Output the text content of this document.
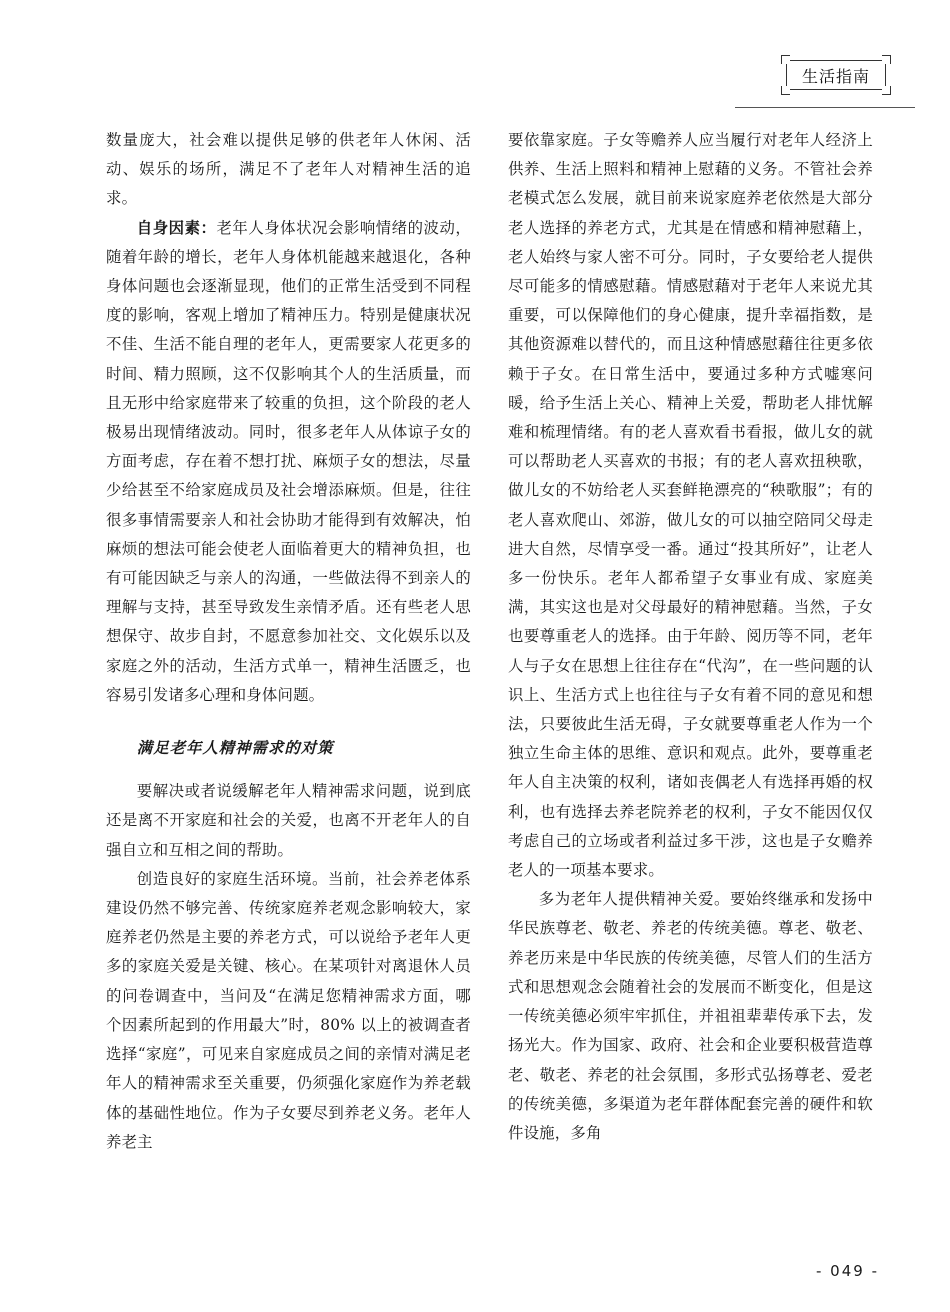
生活指南

数量庞大，社会难以提供足够的供老年人休闲、活动、娱乐的场所，满足不了老年人对精神生活的追求。

自身因素：老年人身体状况会影响情绪的波动，随着年龄的增长，老年人身体机能越来越退化，各种身体问题也会逐渐显现，他们的正常生活受到不同程度的影响，客观上增加了精神压力。特别是健康状况不佳、生活不能自理的老年人，更需要家人花更多的时间、精力照顾，这不仅影响其个人的生活质量，而且无形中给家庭带来了较重的负担，这个阶段的老人极易出现情绪波动。同时，很多老年人从体谅子女的方面考虑，存在着不想打扰、麻烦子女的想法，尽量少给甚至不给家庭成员及社会增添麻烦。但是，往往很多事情需要亲人和社会协助才能得到有效解决，怕麻烦的想法可能会使老人面临着更大的精神负担，也有可能因缺乏与亲人的沟通，一些做法得不到亲人的理解与支持，甚至导致发生亲情矛盾。还有些老人思想保守、故步自封，不愿意参加社交、文化娱乐以及家庭之外的活动，生活方式单一，精神生活匮乏，也容易引发诸多心理和身体问题。

满足老年人精神需求的对策

要解决或者说缓解老年人精神需求问题，说到底还是离不开家庭和社会的关爱，也离不开老年人的自强自立和互相之间的帮助。

创造良好的家庭生活环境。当前，社会养老体系建设仍然不够完善、传统家庭养老观念影响较大，家庭养老仍然是主要的养老方式，可以说给予老年人更多的家庭关爱是关键、核心。在某项针对离退休人员的问卷调查中，当问及“在满足您精神需求方面，哪个因素所起到的作用最大”时，80% 以上的被调查者选择“家庭”，可见来自家庭成员之间的亲情对满足老年人的精神需求至关重要，仍须强化家庭作为养老载体的基础性地位。作为子女要尽到养老义务。老年人养老主

要依靠家庭。子女等赡养人应当履行对老年人经济上供养、生活上照料和精神上慰藉的义务。不管社会养老模式怎么发展，就目前来说家庭养老依然是大部分老人选择的养老方式，尤其是在情感和精神慰藉上，老人始终与家人密不可分。同时，子女要给老人提供尽可能多的情感慰藉。情感慰藉对于老年人来说尤其重要，可以保障他们的身心健康，提升幸福指数，是其他资源难以替代的，而且这种情感慰藉往往更多依赖于子女。在日常生活中，要通过多种方式嘘寒问暖，给予生活上关心、精神上关爱，帮助老人排忧解难和梳理情绪。有的老人喜欢看书看报，做儿女的就可以帮助老人买喜欢的书报；有的老人喜欢扭秧歌，做儿女的不妨给老人买套鲜艳漂亮的“秧歌服”；有的老人喜欢爬山、郊游，做儿女的可以抽空陪同父母走进大自然，尽情享受一番。通过“投其所好”，让老人多一份快乐。老年人都希望子女事业有成、家庭美满，其实这也是对父母最好的精神慰藉。当然，子女也要尊重老人的选择。由于年龄、阅历等不同，老年人与子女在思想上往往存在“代沟”，在一些问题的认识上、生活方式上也往往与子女有着不同的意见和想法，只要彼此生活无碍，子女就要尊重老人作为一个独立生命主体的思维、意识和观点。此外，要尊重老年人自主决策的权利，诸如丧偶老人有选择再婚的权利，也有选择去养老院养老的权利，子女不能因仅仅考虑自己的立场或者利益过多干涉，这也是子女赡养老人的一项基本要求。

多为老年人提供精神关爱。要始终继承和发扬中华民族尊老、敬老、养老的传统美德。尊老、敬老、养老历来是中华民族的传统美德，尽管人们的生活方式和思想观念会随着社会的发展而不断变化，但是这一传统美德必须牢牢抓住，并祖祖辈辈传承下去，发扬光大。作为国家、政府、社会和企业要积极营造尊老、敬老、养老的社会氛围，多形式弘扬尊老、爱老的传统美德，多渠道为老年群体配套完善的硬件和软件设施，多角

- 049 -
